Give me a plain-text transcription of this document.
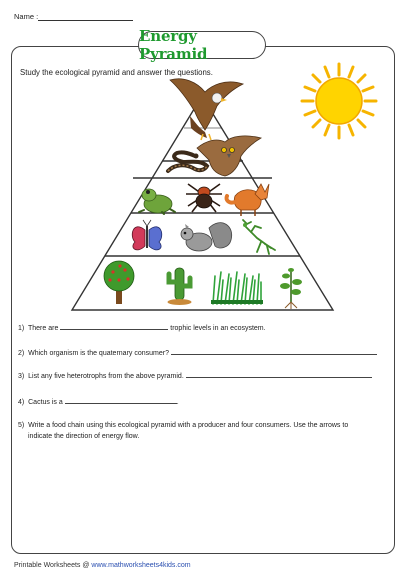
Name :
Energy Pyramid
Study the ecological pyramid and answer the questions.
1) There are	trophic levels in an ecosystem.
2) Which organism is the quaternary consumer?
3) List any five heterotrophs from the above pyramid.
4) Cactus is a	.
5) Write a food chain using this ecological pyramid with a producer and four consumers. Use the arrows to
indicate the direction of energy flow.
Printable Worksheets @ www.mathworksheets4kids.com
